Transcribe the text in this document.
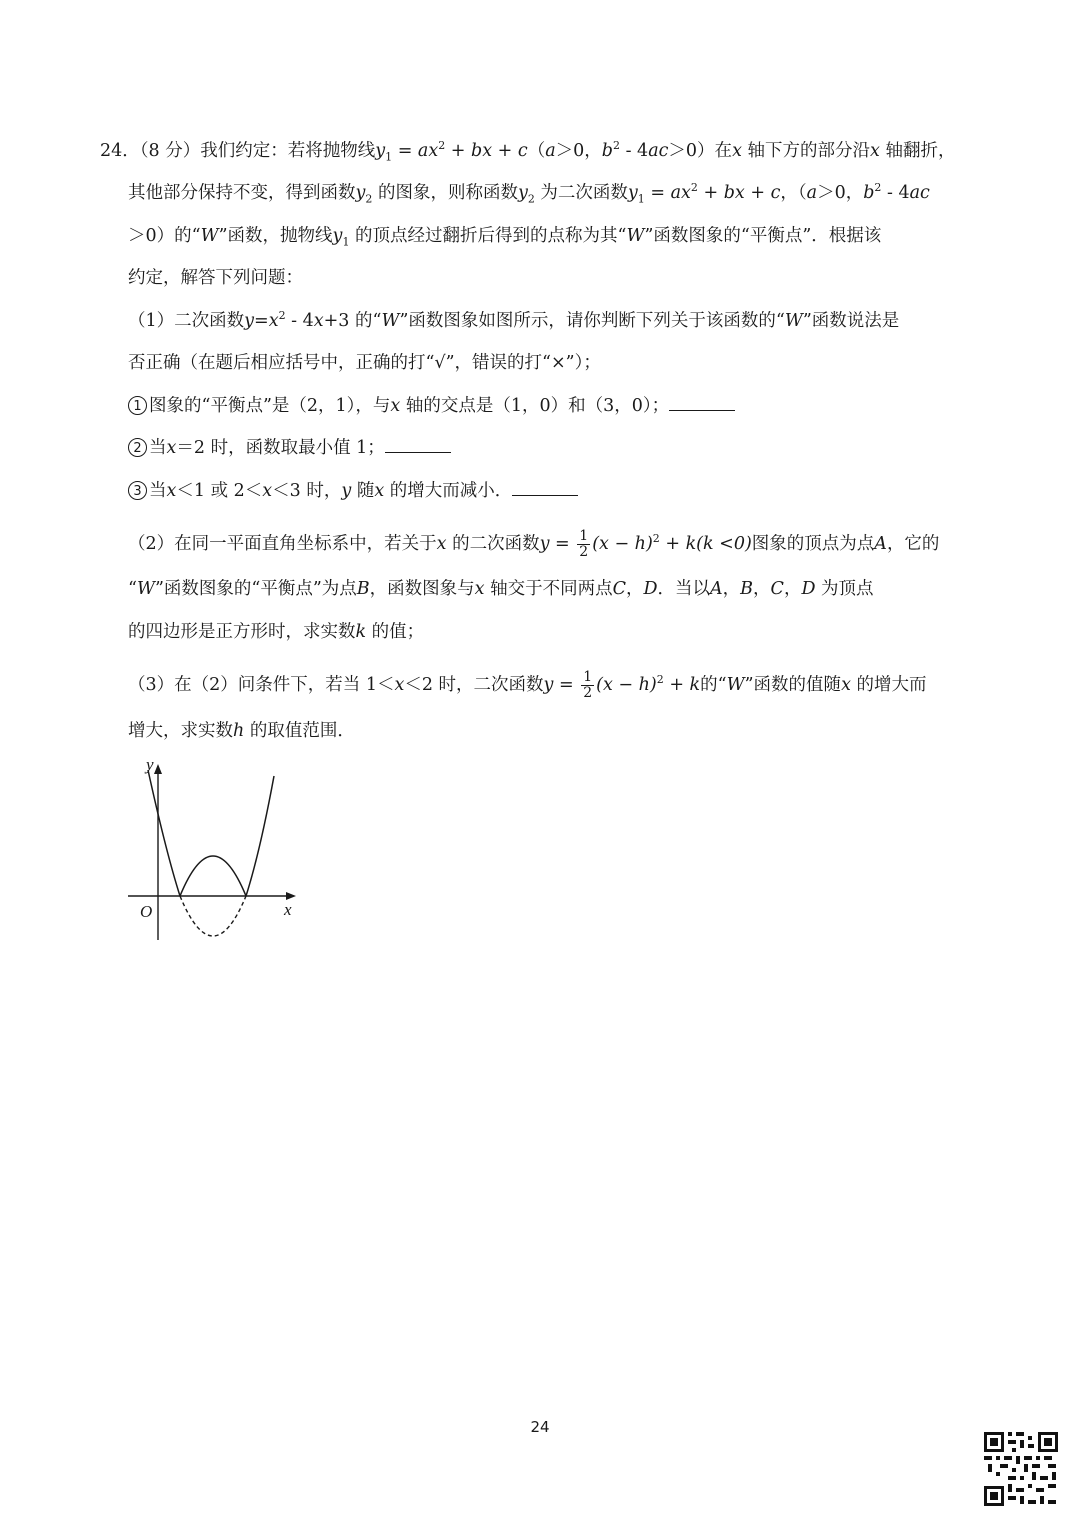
24．（8 分）我们约定：若将抛物线$y_1 = ax^2$ + bx + c（a＞0，$b^2 - 4ac>0$）在x 轴下方的部分沿x 轴翻折，
其他部分保持不变，得到函数$y_2$ 的图象，则称函数$y_2$ 为二次函数$y_1 = ax^2$ + bx + c，（a＞0，$b^2 - 4ac$
＞0）的“W”函数，抛物线$y_1$ 的顶点经过翻折后得到的点称为其“W”函数图象的“平衡点”．根据该
约定，解答下列问题：
（1）二次函数$y=x^2 - 4x+3$ 的“W”函数图象如图所示，请你判断下列关于该函数的“W”函数说法是
否正确（在题后相应括号中，正确的打“√”，错误的打“×”）；
1 图象的“平衡点”是（2，1），与x 轴的交点是（1，0）和（3，0）；
2 当x＝2 时，函数取最小值 1；
3 当x＜1 或 2＜x＜3 时，y 随x 的增大而减小．
（2）在同一平面直角坐标系中，若关于x 的二次函数$y = \frac{1}{2} (x - h)^2 + k(k <0)$图象的顶点为点A，它的
“W”函数图象的“平衡点”为点B，函数图象与x 轴交于不同两点C，D．当以A，B，C，D 为顶点
的四边形是正方形时，求实数k 的值；
（3）在（2）问条件下，若当 1＜x＜2 时，二次函数$y = \frac{1}{2} (x - h)^2 + k$的“W”函数的值随x 的增大而
增大，求实数h 的取值范围．
y
x
O
24
